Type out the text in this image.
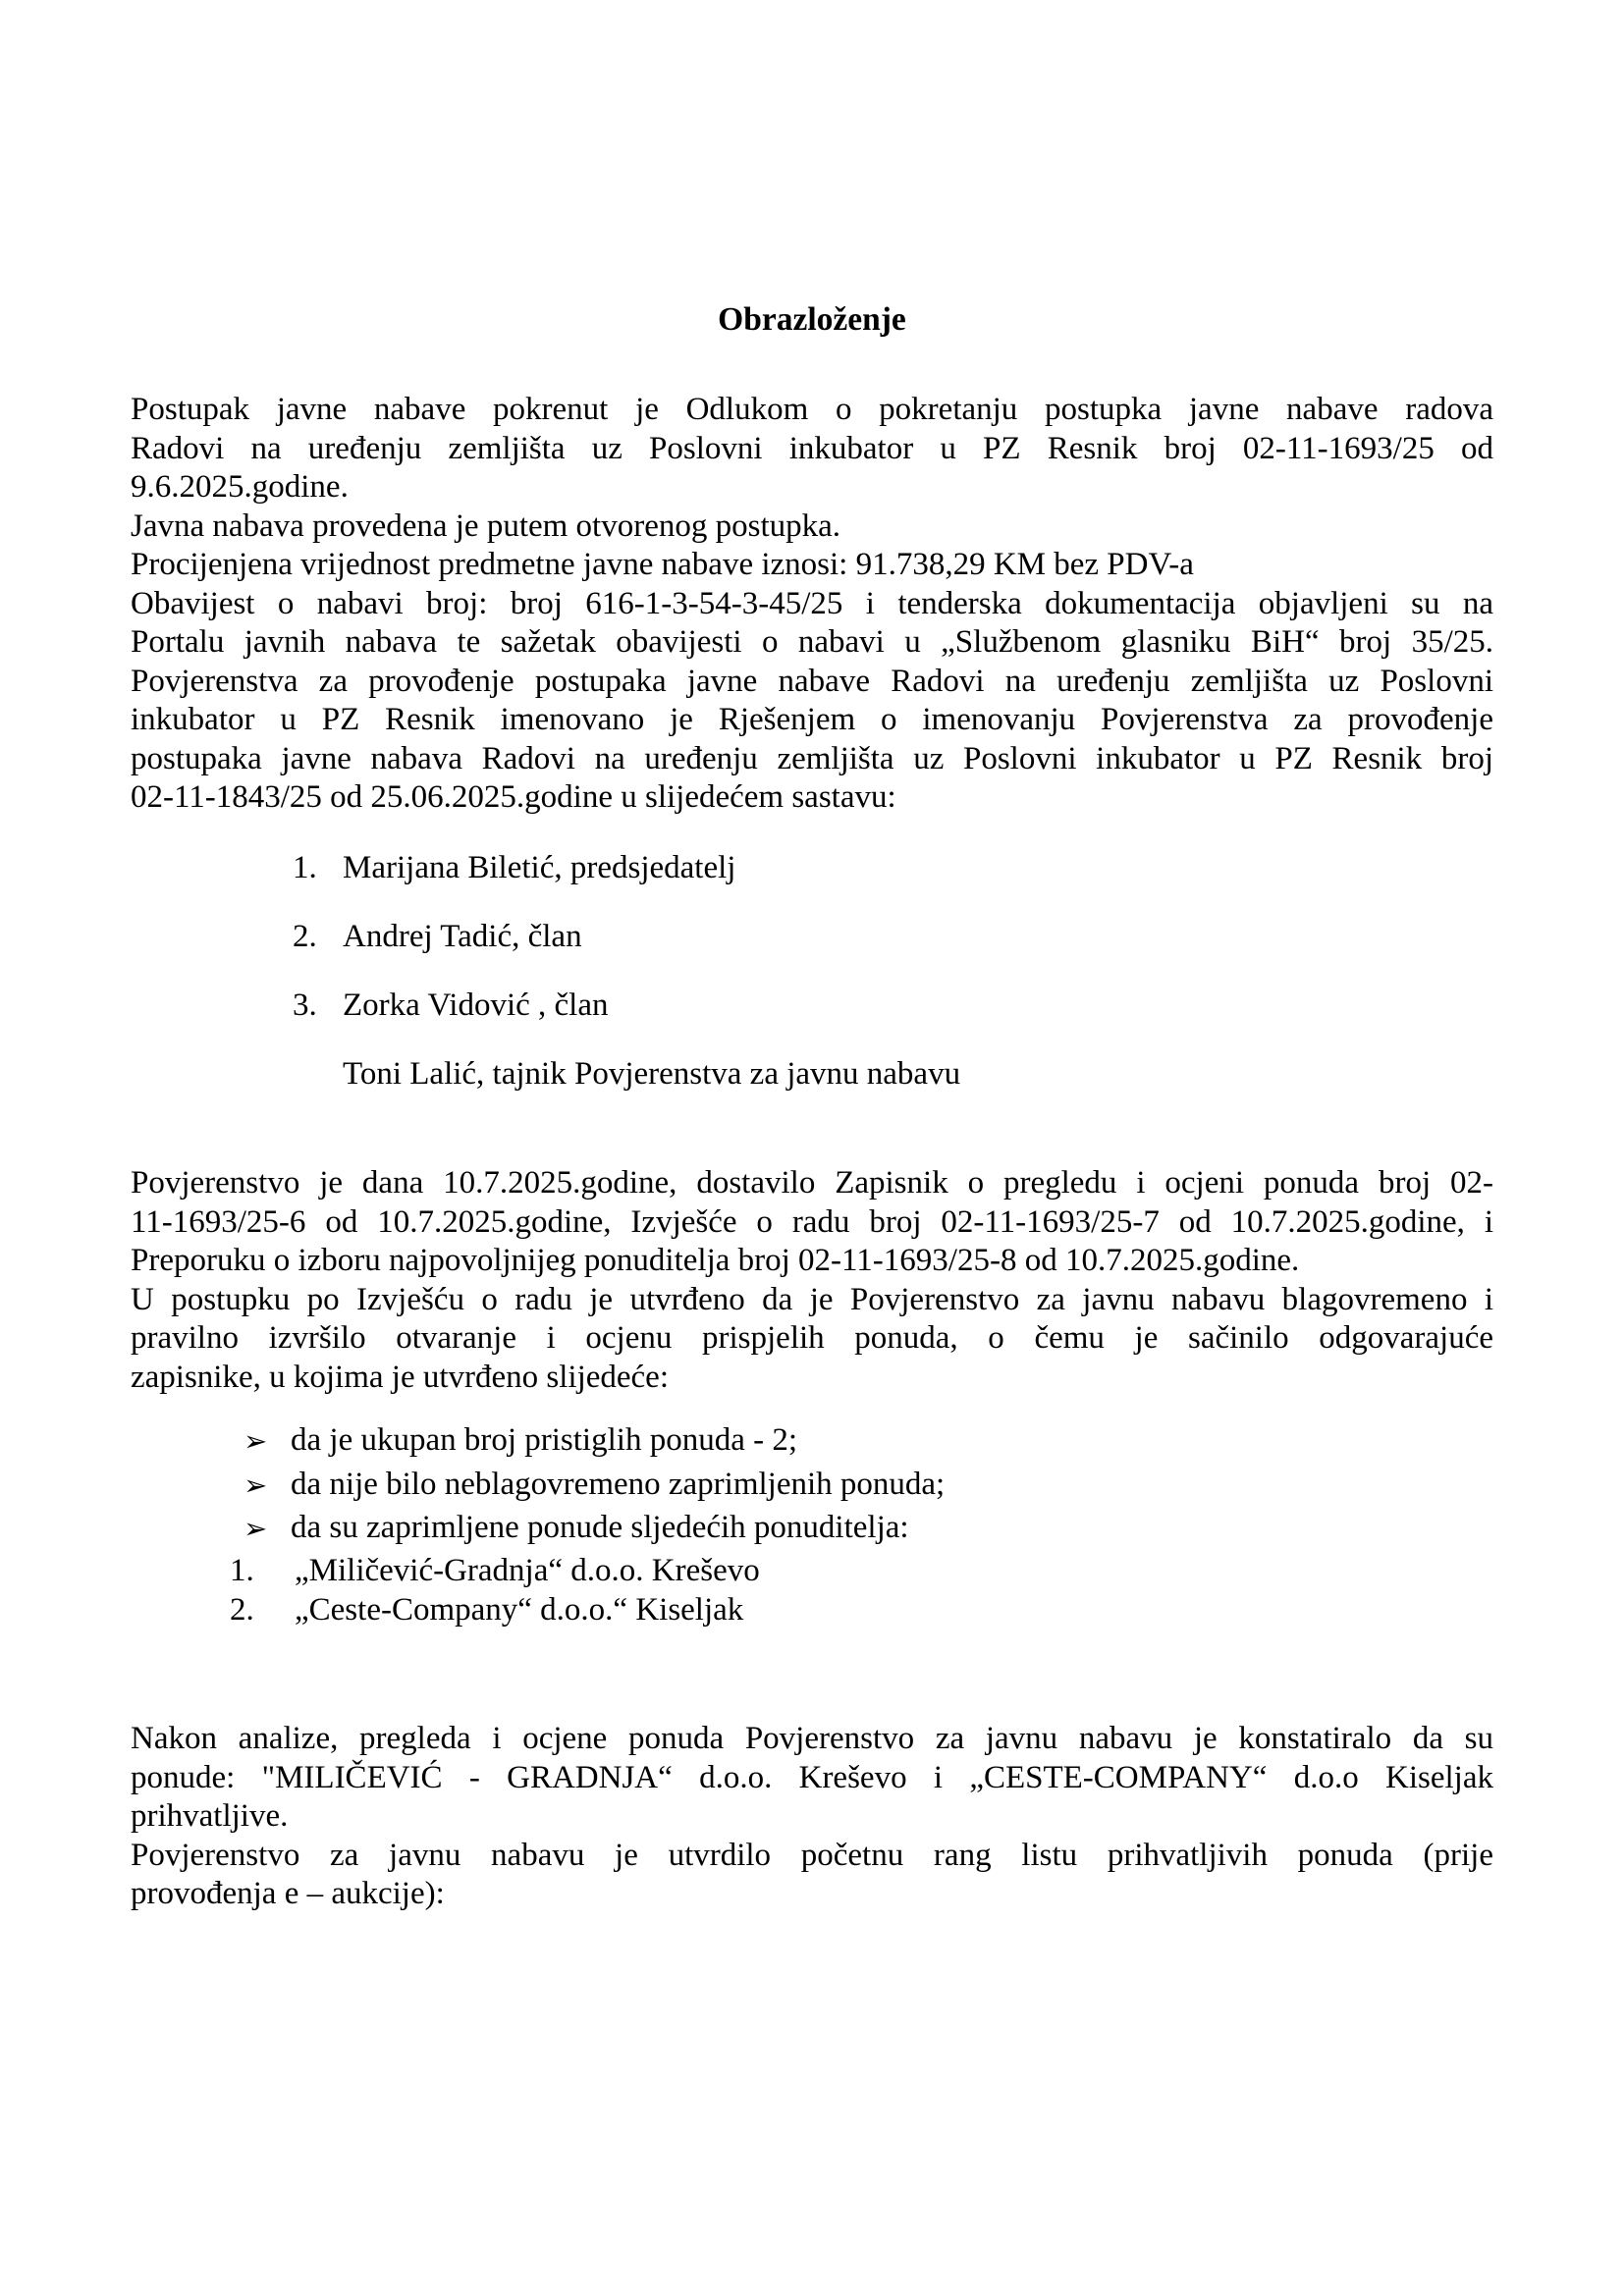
Obrazloženje
Postupak javne nabave pokrenut je Odlukom o pokretanju postupka javne nabave radova
Radovi na uređenju zemljišta uz Poslovni inkubator u PZ Resnik broj 02-11-1693/25 od
9.6.2025.godine.
Javna nabava provedena je putem otvorenog postupka.
Procijenjena vrijednost predmetne javne nabave iznosi: 91.738,29 KM bez PDV-a
Obavijest o nabavi broj: broj 616-1-3-54-3-45/25 i tenderska dokumentacija objavljeni su na
Portalu javnih nabava te sažetak obavijesti o nabavi u „Službenom glasniku BiH“ broj 35/25.
Povjerenstva za provođenje postupaka javne nabave Radovi na uređenju zemljišta uz Poslovni
inkubator u PZ Resnik imenovano je Rješenjem o imenovanju Povjerenstva za provođenje
postupaka javne nabava Radovi na uređenju zemljišta uz Poslovni inkubator u PZ Resnik broj
02-11-1843/25 od 25.06.2025.godine u slijedećem sastavu:
1. Marijana Biletić, predsjedatelj
2. Andrej Tadić, član
3. Zorka Vidović , član
Toni Lalić, tajnik Povjerenstva za javnu nabavu
Povjerenstvo je dana 10.7.2025.godine, dostavilo Zapisnik o pregledu i ocjeni ponuda broj 02-
11-1693/25-6 od 10.7.2025.godine, Izvješće o radu broj 02-11-1693/25-7 od 10.7.2025.godine, i
Preporuku o izboru najpovoljnijeg ponuditelja broj 02-11-1693/25-8 od 10.7.2025.godine.
U postupku po Izvješću o radu je utvrđeno da je Povjerenstvo za javnu nabavu blagovremeno i
pravilno izvršilo otvaranje i ocjenu prispjelih ponuda, o čemu je sačinilo odgovarajuće
zapisnike, u kojima je utvrđeno slijedeće:
➢ da je ukupan broj pristiglih ponuda - 2;
➢ da nije bilo neblagovremeno zaprimljenih ponuda;
➢ da su zaprimljene ponude sljedećih ponuditelja:
1. „Miličević-Gradnja“ d.o.o. Kreševo
2. „Ceste-Company“ d.o.o.“ Kiseljak
Nakon analize, pregleda i ocjene ponuda Povjerenstvo za javnu nabavu je konstatiralo da su
ponude: "MILIČEVIĆ - GRADNJA“ d.o.o. Kreševo i „CESTE-COMPANY“ d.o.o Kiseljak
prihvatljive.
Povjerenstvo za javnu nabavu je utvrdilo početnu rang listu prihvatljivih ponuda (prije
provođenja e – aukcije):
